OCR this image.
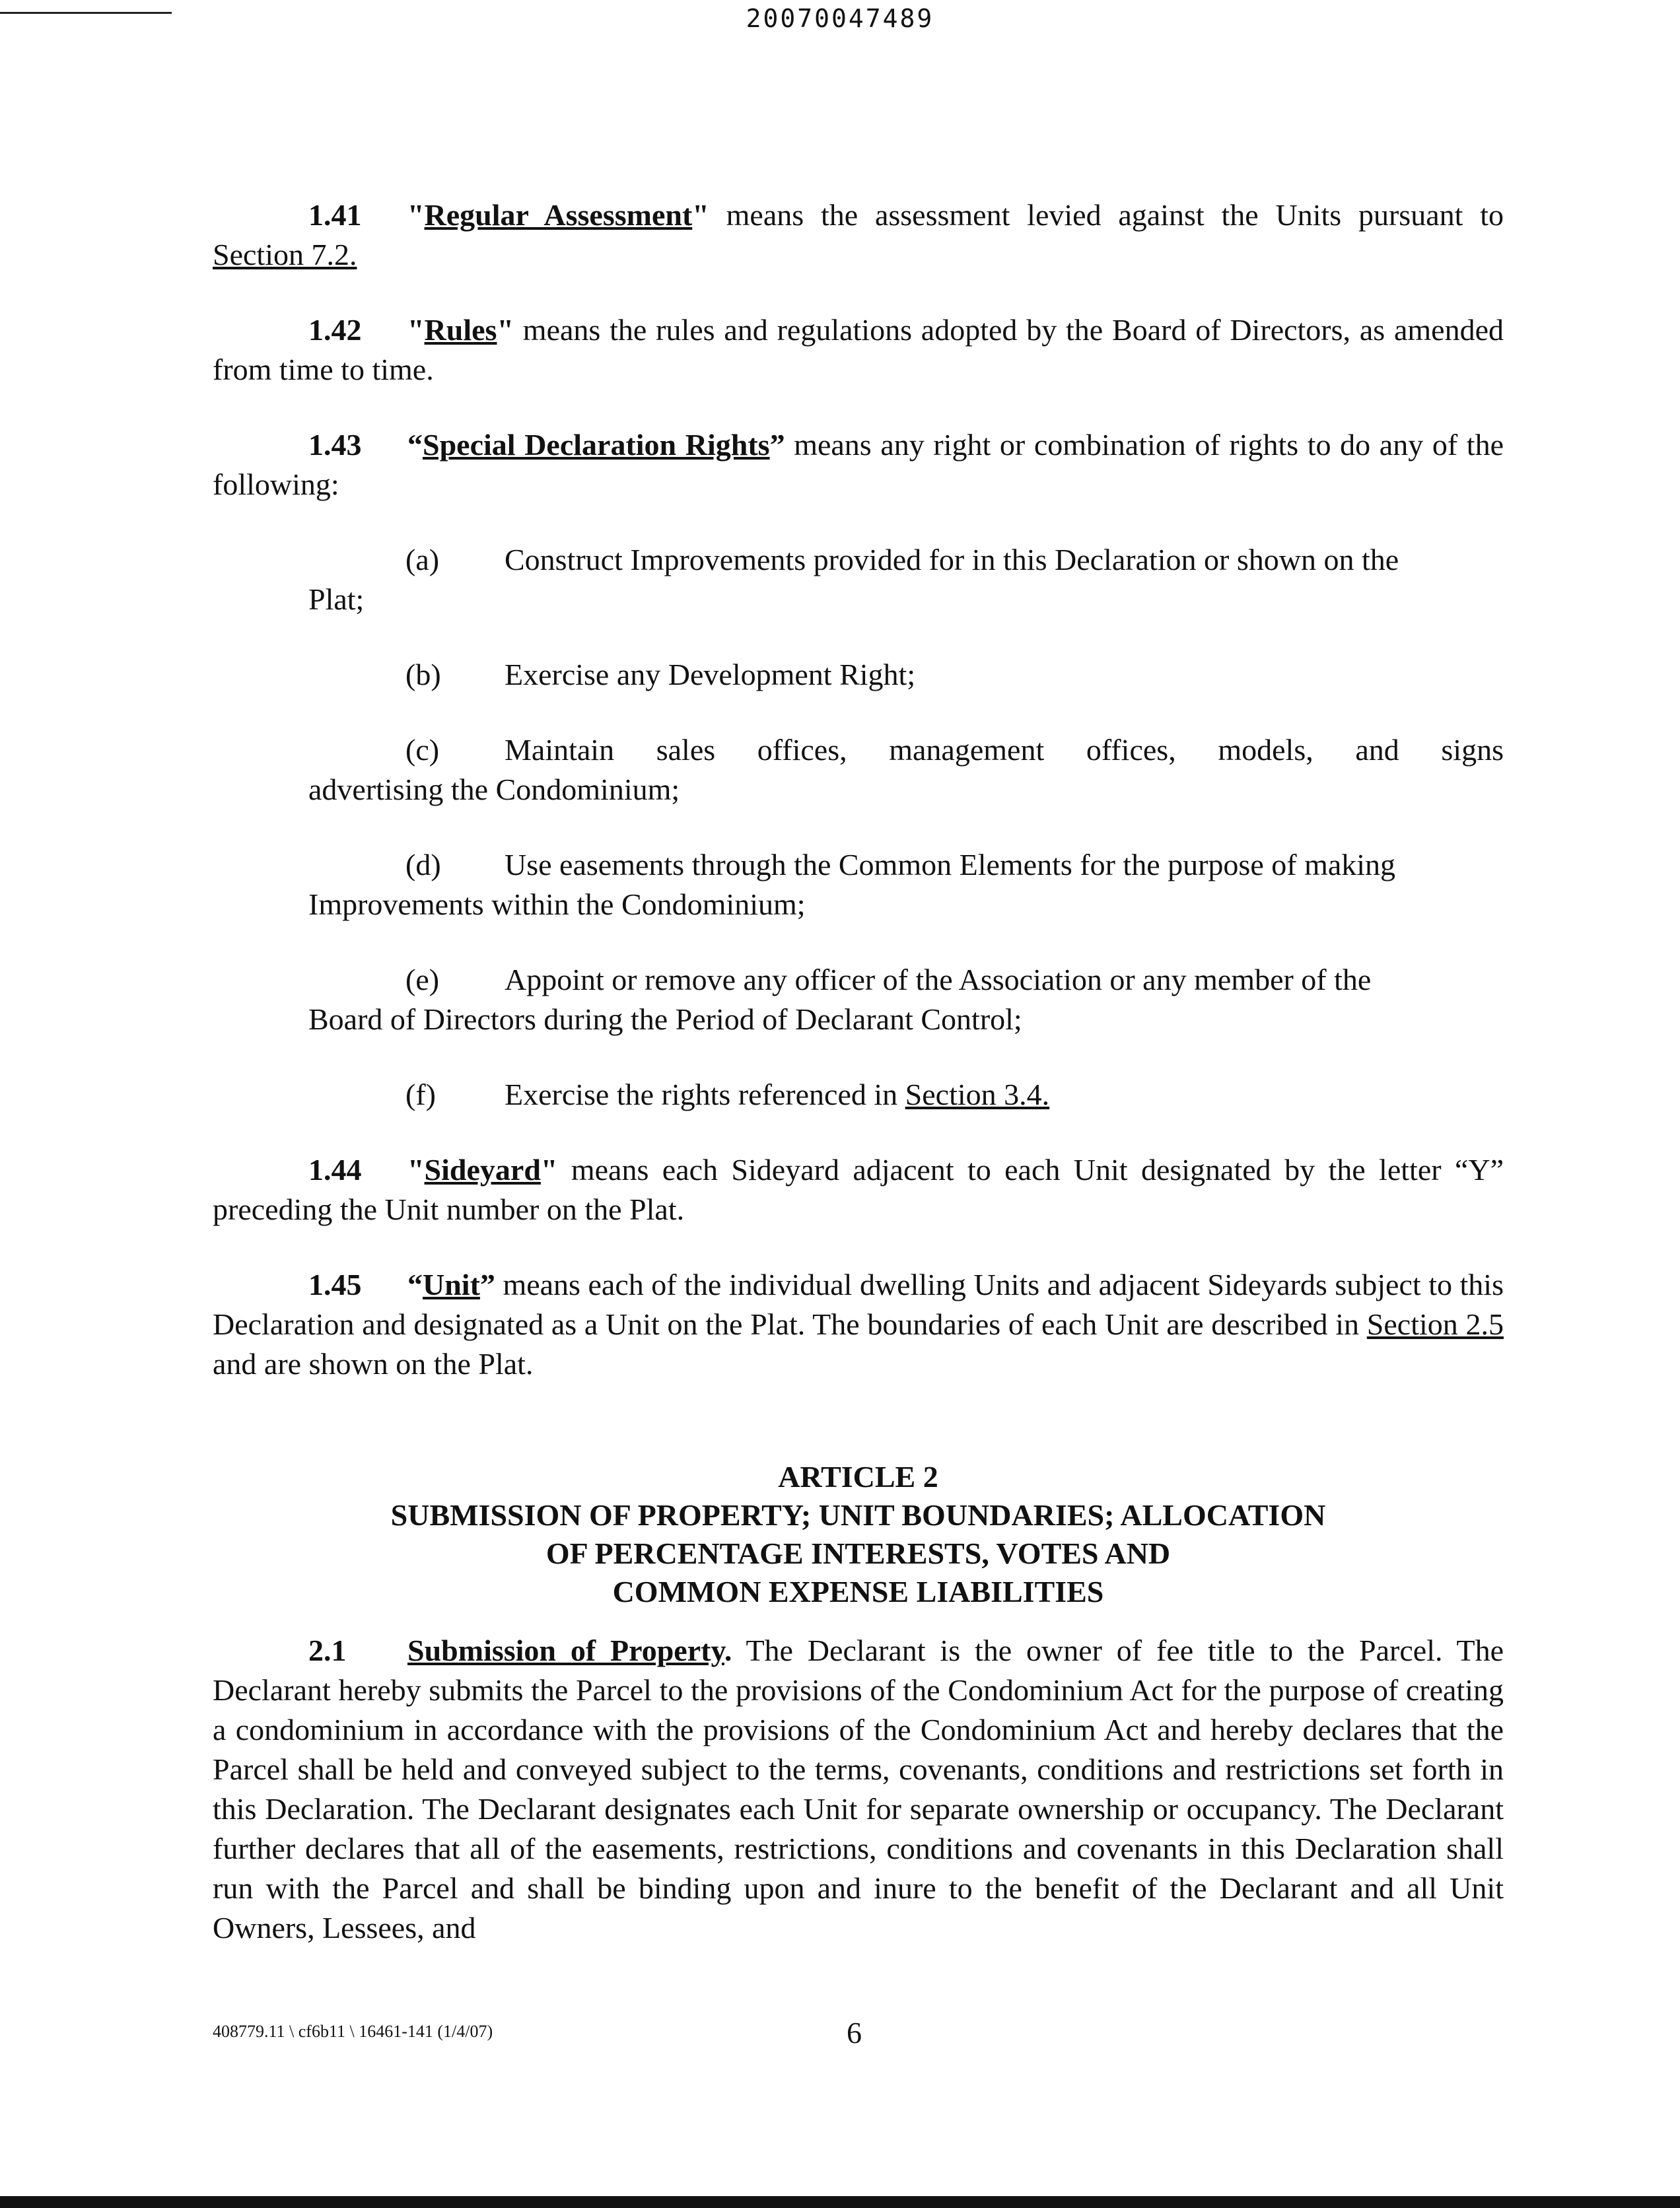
20070047489

1.41 "Regular Assessment" means the assessment levied against the Units pursuant to Section 7.2.

1.42 "Rules" means the rules and regulations adopted by the Board of Directors, as amended from time to time.

1.43 “Special Declaration Rights” means any right or combination of rights to do any of the following:

(a) Construct Improvements provided for in this Declaration or shown on the

Plat;

(b) Exercise any Development Right;

(c) Maintain sales offices, management offices, models, and signs

advertising the Condominium;

(d) Use easements through the Common Elements for the purpose of making

Improvements within the Condominium;

(e) Appoint or remove any officer of the Association or any member of the

Board of Directors during the Period of Declarant Control;

(f) Exercise the rights referenced in Section 3.4.

1.44 "Sideyard" means each Sideyard adjacent to each Unit designated by the letter “Y” preceding the Unit number on the Plat.

1.45 “Unit” means each of the individual dwelling Units and adjacent Sideyards subject to this Declaration and designated as a Unit on the Plat. The boundaries of each Unit are described in Section 2.5 and are shown on the Plat.

ARTICLE 2

SUBMISSION OF PROPERTY; UNIT BOUNDARIES; ALLOCATION

OF PERCENTAGE INTERESTS, VOTES AND

COMMON EXPENSE LIABILITIES

2.1 Submission of Property. The Declarant is the owner of fee title to the Parcel. The Declarant hereby submits the Parcel to the provisions of the Condominium Act for the purpose of creating a condominium in accordance with the provisions of the Condominium Act and hereby declares that the Parcel shall be held and conveyed subject to the terms, covenants, conditions and restrictions set forth in this Declaration. The Declarant designates each Unit for separate ownership or occupancy. The Declarant further declares that all of the easements, restrictions, conditions and covenants in this Declaration shall run with the Parcel and shall be binding upon and inure to the benefit of the Declarant and all Unit Owners, Lessees, and

408779.11 \ cf6b11 \ 16461-141 (1/4/07)	6
